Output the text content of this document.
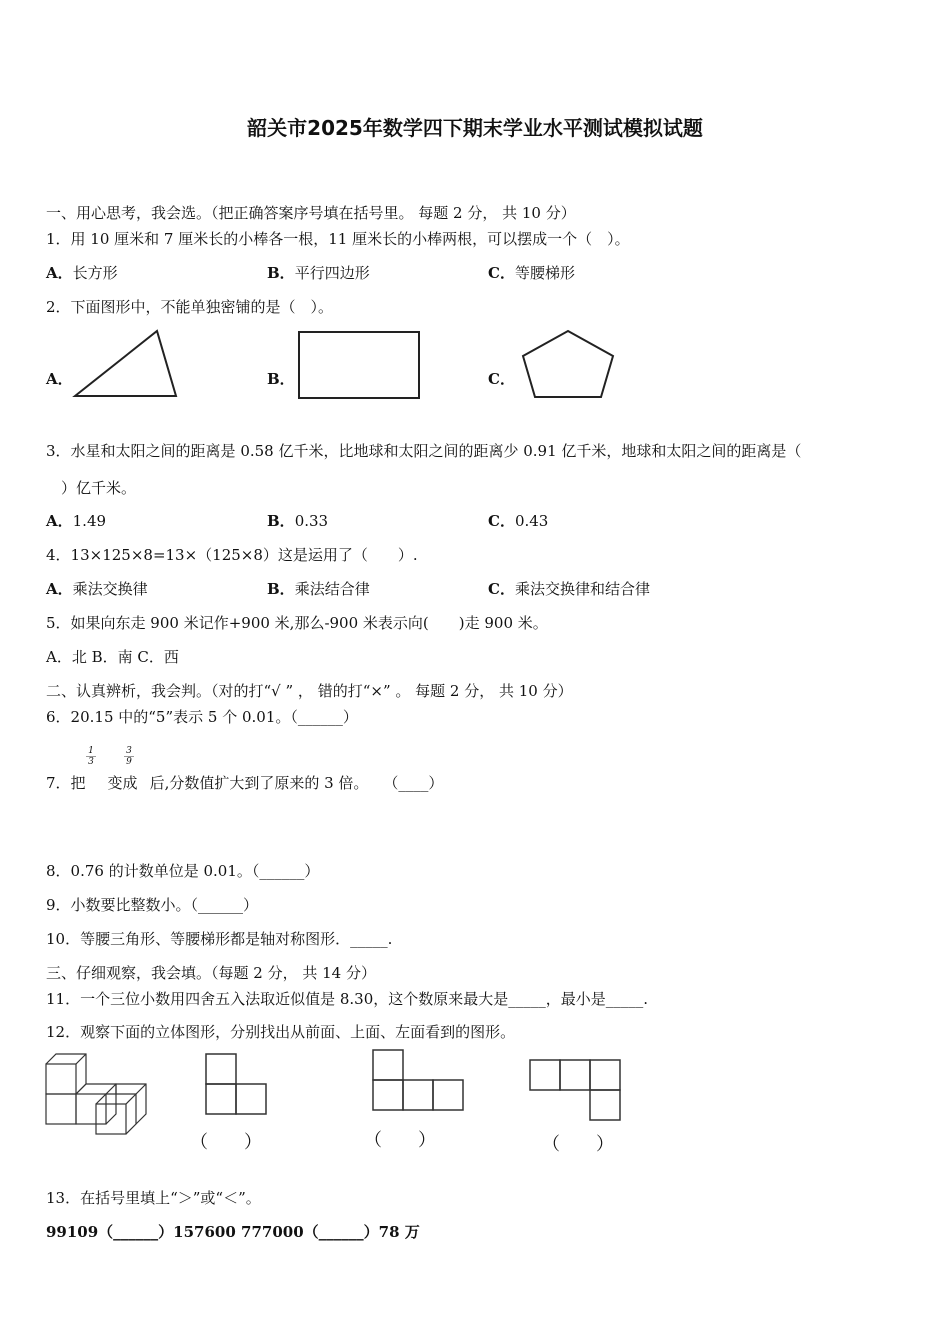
韶关市2025年数学四下期末学业水平测试模拟试题
一、用心思考，我会选。（把正确答案序号填在括号里。 每题 2 分， 共 10 分）
1．用 10 厘米和 7 厘米长的小棒各一根，11 厘米长的小棒两根，可以摆成一个（　）。
A．长方形	B．平行四边形	C．等腰梯形
2．下面图形中，不能单独密铺的是（　）。
A．	B．	C．
3．水星和太阳之间的距离是 0.58 亿千米，比地球和太阳之间的距离少 0.91 亿千米，地球和太阳之间的距离是（
　）亿千米。
A．1.49	B．0.33	C．0.43
4．13×125×8=13×（125×8）这是运用了（　　）.
A．乘法交换律	B．乘法结合律	C．乘法交换律和结合律
5．如果向东走 900 米记作+900 米,那么-900 米表示向(　　)走 900 米。
A．北 B．南 C．西
二、认真辨析，我会判。（对的打“√ ” ， 错的打“×” 。 每题 2 分， 共 10 分）
6．20.15 中的“5”表示 5 个 0.01。（______）
7．把 变成 后,分数值扩大到了原来的 3 倍。　　（____）
$\frac{1}{3}$	$\frac{3}{9}$
8．0.76 的计数单位是 0.01。（______）
9．小数要比整数小。（______）
10．等腰三角形、等腰梯形都是轴对称图形．_____.
三、仔细观察，我会填。（每题 2 分， 共 14 分）
11．一个三位小数用四舍五入法取近似值是 8.30，这个数原来最大是_____，最小是_____.
12．观察下面的立体图形，分别找出从前面、上面、左面看到的图形。
（　　）	（　　）	（　　）
13．在括号里填上“＞”或“＜”。
99109（______）157600 777000（______）78 万
